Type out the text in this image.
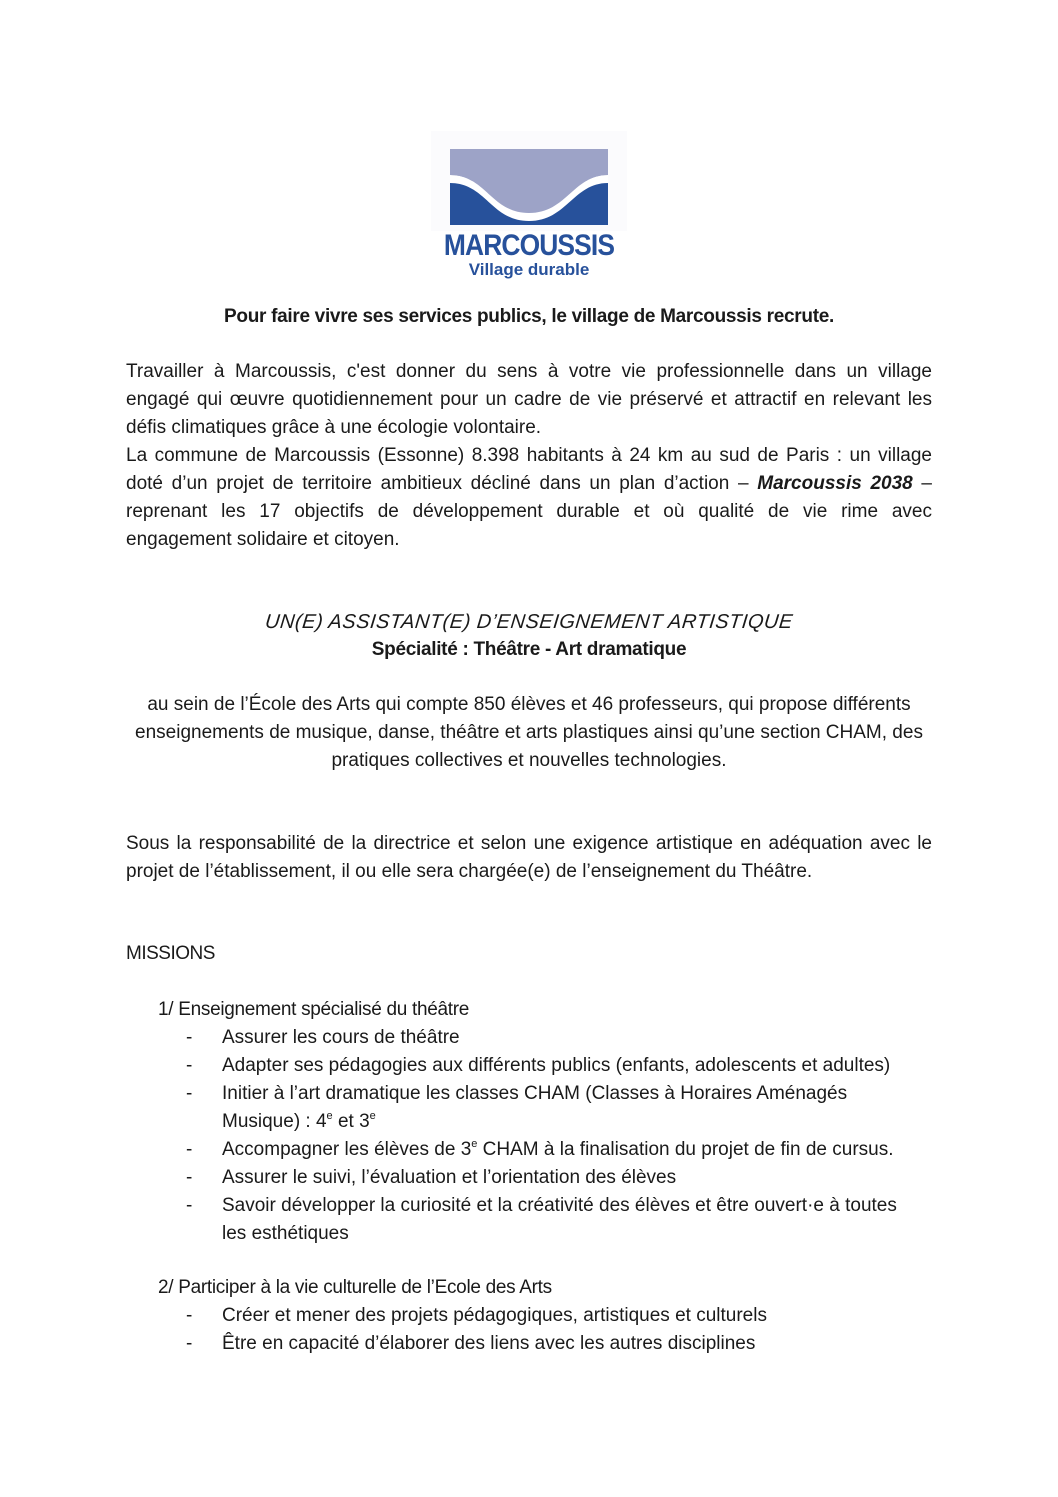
MARCOUSSIS
Village durable
Pour faire vivre ses services publics, le village de Marcoussis recrute.
Travailler à Marcoussis, c'est donner du sens à votre vie professionnelle dans un village
engagé qui œuvre quotidiennement pour un cadre de vie préservé et attractif en relevant les
défis climatiques grâce à une écologie volontaire.
La commune de Marcoussis (Essonne) 8.398 habitants à 24 km au sud de Paris : un village
doté d’un projet de territoire ambitieux décliné dans un plan d’action – Marcoussis 2038 –
reprenant les 17 objectifs de développement durable et où qualité de vie rime avec
engagement solidaire et citoyen.
UN(E) ASSISTANT(E) D’ENSEIGNEMENT ARTISTIQUE
Spécialité : Théâtre - Art dramatique
au sein de l’École des Arts qui compte 850 élèves et 46 professeurs, qui propose différents
enseignements de musique, danse, théâtre et arts plastiques ainsi qu’une section CHAM, des
pratiques collectives et nouvelles technologies.
Sous la responsabilité de la directrice et selon une exigence artistique en adéquation avec le
projet de l’établissement, il ou elle sera chargée(e) de l’enseignement du Théâtre.
MISSIONS
1/ Enseignement spécialisé du théâtre
- Assurer les cours de théâtre
- Adapter ses pédagogies aux différents publics (enfants, adolescents et adultes)
- Initier à l’art dramatique les classes CHAM (Classes à Horaires Aménagés
Musique) : 4e et 3e
- Accompagner les élèves de 3e CHAM à la finalisation du projet de fin de cursus.
- Assurer le suivi, l’évaluation et l’orientation des élèves
- Savoir développer la curiosité et la créativité des élèves et être ouvert·e à toutes
les esthétiques
2/ Participer à la vie culturelle de l’Ecole des Arts
- Créer et mener des projets pédagogiques, artistiques et culturels
- Être en capacité d’élaborer des liens avec les autres disciplines
